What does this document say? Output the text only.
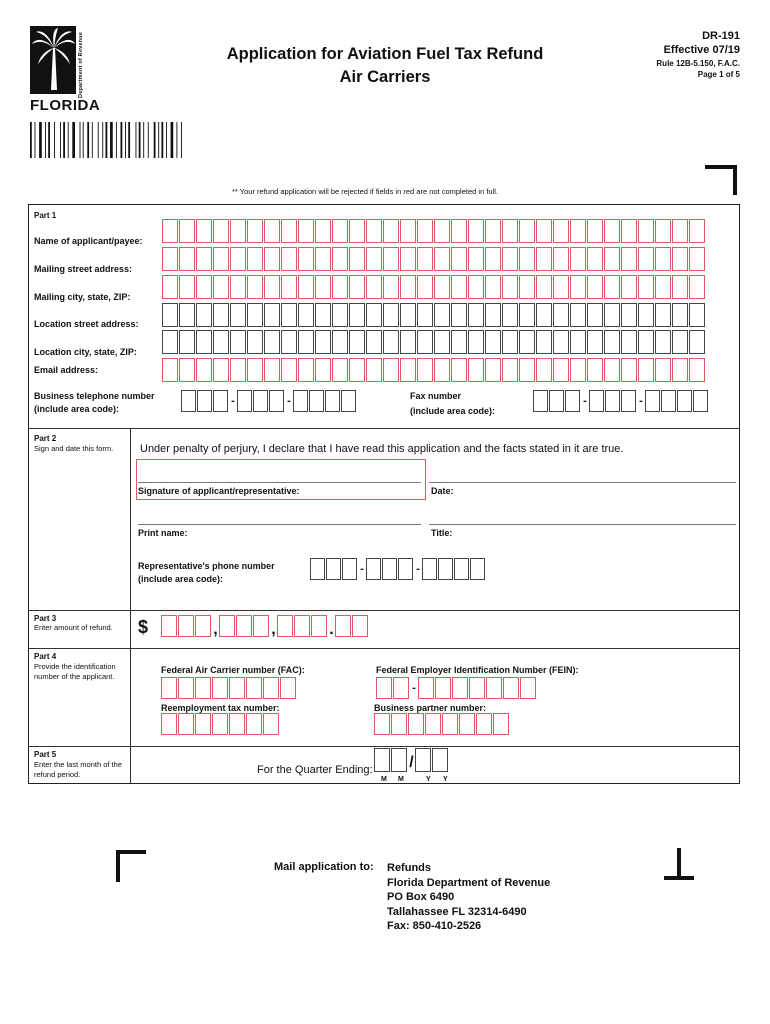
Department of Revenue
FLORIDA
Application for Aviation Fuel Tax Refund
Air Carriers
DR-191
Effective 07/19
Rule 12B-5.150, F.A.C.
Page 1 of 5
** Your refund application will be rejected if fields in red are not completed in full.
Part 1
Name of applicant/payee:
Mailing street address:
Mailing city, state, ZIP:
Location street address:
Location city, state, ZIP:
Email address:
Business telephone number
(include area code):
-	-	Fax number
(include area code):
-	-
Part 2
Sign and date this form.	Under penalty of perjury, I declare that I have read this application and the facts stated in it are true.
Signature of applicant/representative:	Date:
Print name:	Title:
Representative's phone number
(include area code):
-	-
Part 3
Enter amount of refund. $	,	,	.
Part 4
Provide the identification number of the applicant.
Federal Air Carrier number (FAC):	Federal Employer Identification Number (FEIN):
-
Reemployment tax number:	Business partner number:
Part 5
Enter the last month of the refund period.	For the Quarter Ending: /
M M	Y Y
Mail application to: Refunds
Florida Department of Revenue
PO Box 6490
Tallahassee FL 32314-6490
Fax: 850-410-2526
